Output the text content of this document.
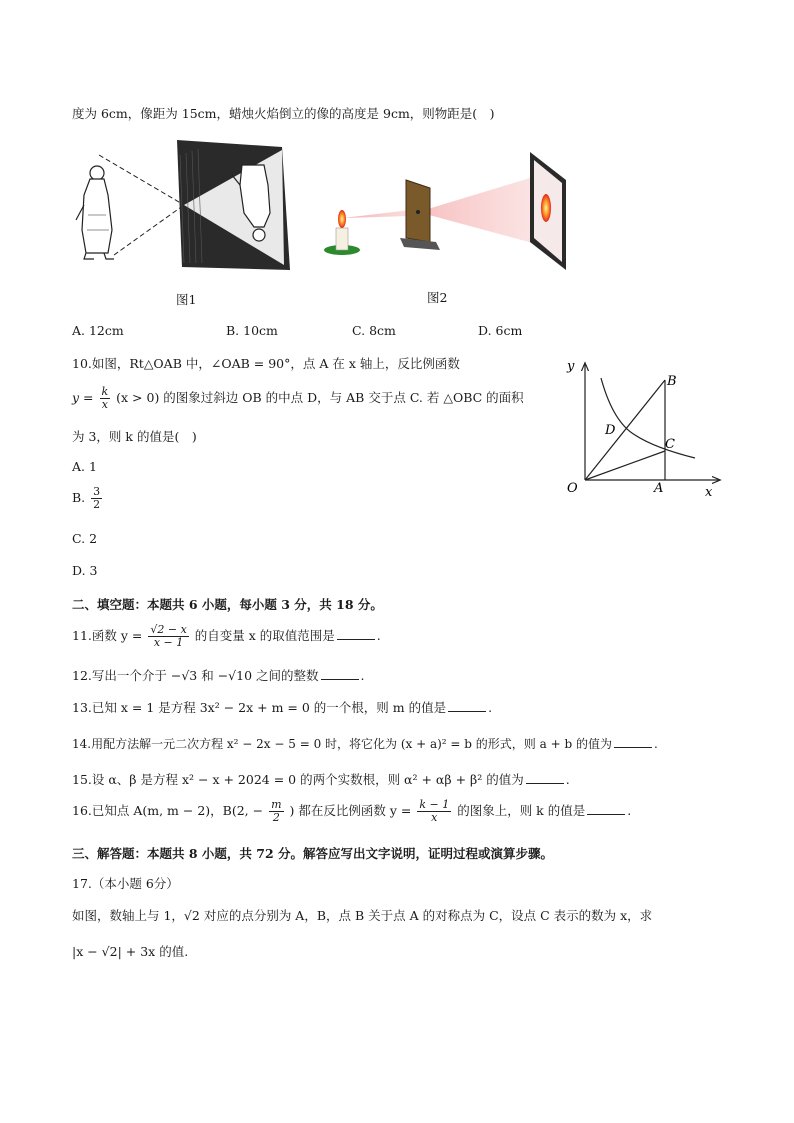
度为 6cm，像距为 15cm，蜡烛火焰倒立的像的高度是 9cm，则物距是(　)
图1	图2
A. 12cm	B. 10cm	C. 8cm	D. 6cm
10.如图，Rt△OAB 中，∠OAB = 90°，点 A 在 x 轴上，反比例函数
$y = \frac{k}{x} (x > 0)$ 的图象过斜边 OB 的中点 D，与 AB 交于点 C. 若 △OBC 的面积
为 3，则 k 的值是(　)
A. 1
B. $\frac{3}{2}$
C. 2
D. 3
y
x
O	A
B
C
D
二、填空题：本题共 6 小题，每小题 3 分，共 18 分。
11.函数 $y = \frac{√2 - x}{x - 1}$ 的自变量 x 的取值范围是	.
12.写出一个介于 −√3 和 −√10 之间的整数	.
13.已知 x = 1 是方程 3x² − 2x + m = 0 的一个根，则 m 的值是	.
14.用配方法解一元二次方程 x² − 2x − 5 = 0 时，将它化为 (x + a)² = b 的形式，则 a + b 的值为	.
15.设 α、β 是方程 x² − x + 2024 = 0 的两个实数根，则 α² + αβ + β² 的值为	.
16.已知点 A(m, m − 2)，B(2, − $\frac{m}{2}$ ) 都在反比例函数 $y = \frac{k - 1}{x}$ 的图象上，则 k 的值是	.
三、解答题：本题共 8 小题，共 72 分。解答应写出文字说明，证明过程或演算步骤。
17.（本小题 6分）
如图，数轴上与 1，√2 对应的点分别为 A，B，点 B 关于点 A 的对称点为 C，设点 C 表示的数为 x，求
|x − √2| + 3x 的值.
